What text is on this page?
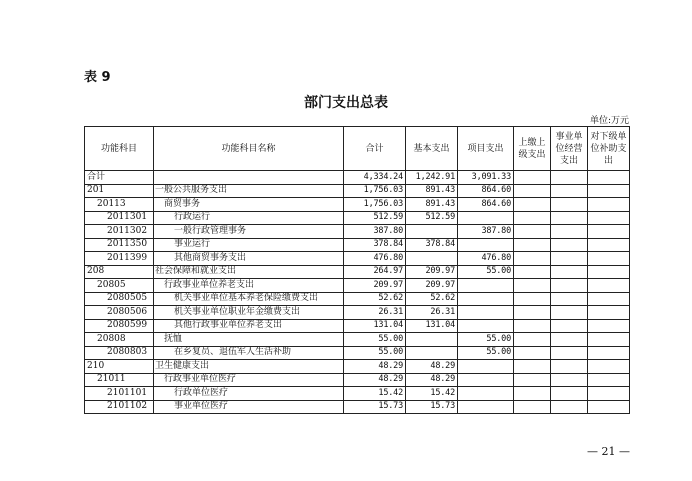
表 9
部门支出总表
单位:万元
功能科目	功能科目名称	合计	基本支出	项目支出	上缴上级支出	事业单位经营支出	对下级单位补助支出
合计		4,334.24	1,242.91	3,091.33			
201	一般公共服务支出	1,756.03	891.43	864.60			
20113	商贸事务	1,756.03	891.43	864.60			
2011301	行政运行	512.59	512.59				
2011302	一般行政管理事务	387.80		387.80			
2011350	事业运行	378.84	378.84				
2011399	其他商贸事务支出	476.80		476.80			
208	社会保障和就业支出	264.97	209.97	55.00			
20805	行政事业单位养老支出	209.97	209.97				
2080505	机关事业单位基本养老保险缴费支出	52.62	52.62				
2080506	机关事业单位职业年金缴费支出	26.31	26.31				
2080599	其他行政事业单位养老支出	131.04	131.04				
20808	抚恤	55.00		55.00			
2080803	在乡复员、退伍军人生活补助	55.00		55.00			
210	卫生健康支出	48.29	48.29				
21011	行政事业单位医疗	48.29	48.29				
2101101	行政单位医疗	15.42	15.42				
2101102	事业单位医疗	15.73	15.73				
— 21 —
